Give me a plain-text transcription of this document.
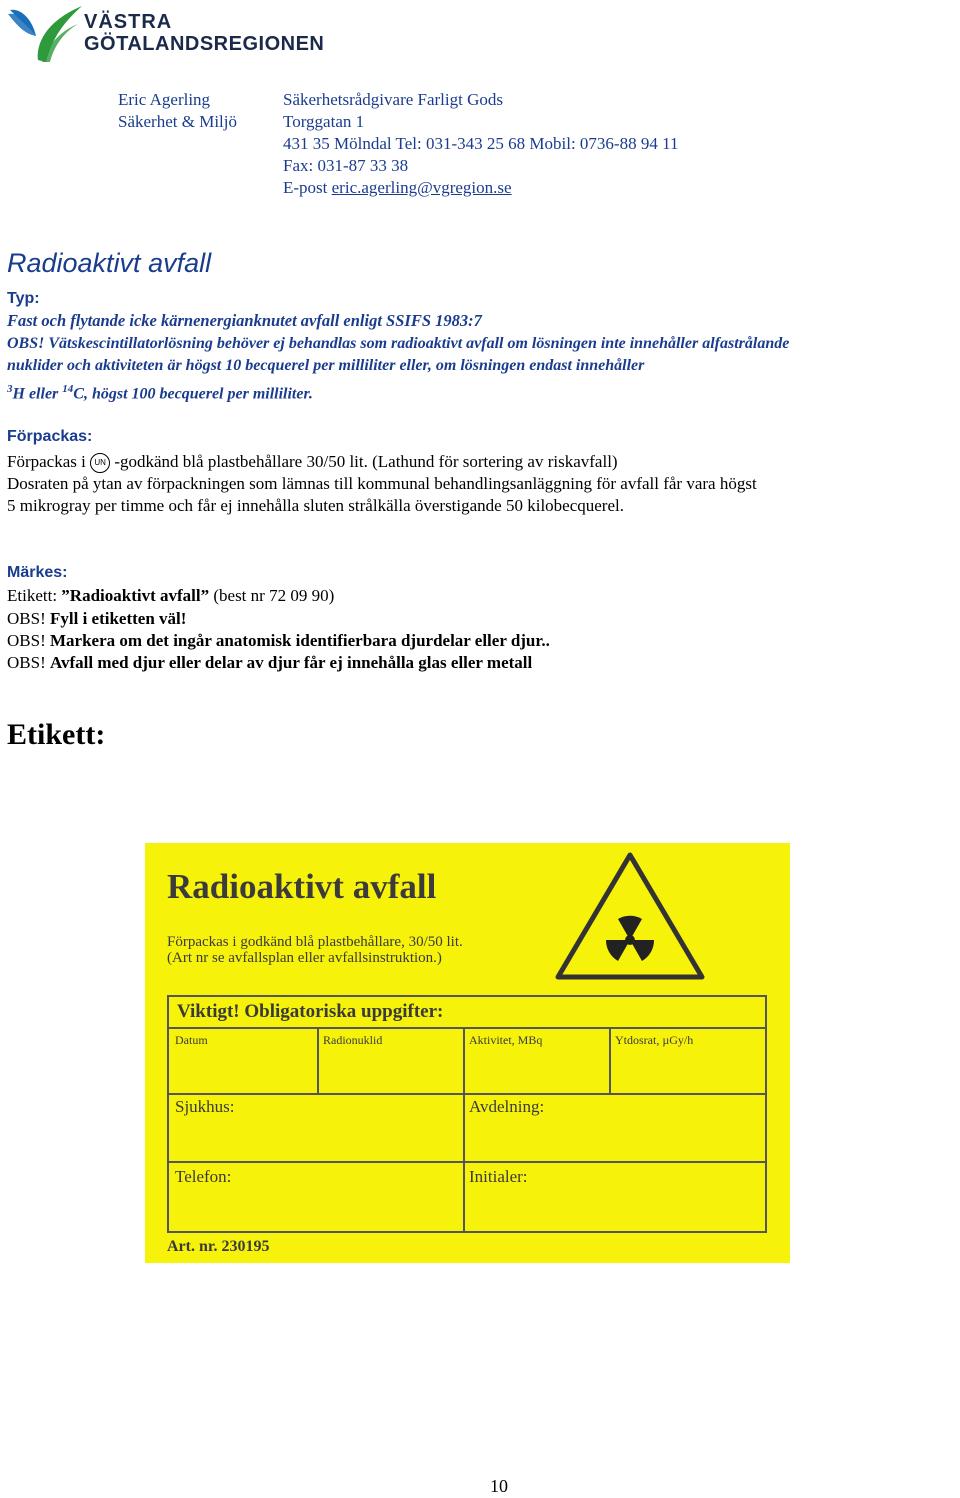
VÄSTRA
GÖTALANDSREGIONEN
Eric Agerling
Säkerhet & Miljö
Säkerhetsrådgivare Farligt Gods
Torggatan 1
431 35 Mölndal Tel: 031-343 25 68 Mobil: 0736-88 94 11
Fax: 031-87 33 38
E-post eric.agerling@vgregion.se
Radioaktivt avfall
Typ:
Fast och flytande icke kärnenergianknutet avfall enligt SSIFS 1983:7
OBS! Vätskescintillatorlösning behöver ej behandlas som radioaktivt avfall om lösningen inte innehåller alfastrålande
nuklider och aktiviteten är högst 10 becquerel per milliliter eller, om lösningen endast innehåller
$^3$H eller $^{14}$C, högst 100 becquerel per milliliter.
Förpackas:
Förpackas i UN -godkänd blå plastbehållare 30/50 lit. (Lathund för sortering av riskavfall)
Dosraten på ytan av förpackningen som lämnas till kommunal behandlingsanläggning för avfall får vara högst
5 mikrogray per timme och får ej innehålla sluten strålkälla överstigande 50 kilobecquerel.
Märkes:
Etikett: ”Radioaktivt avfall” (best nr 72 09 90)
OBS! Fyll i etiketten väl!
OBS! Markera om det ingår anatomisk identifierbara djurdelar eller djur..
OBS! Avfall med djur eller delar av djur får ej innehålla glas eller metall
Etikett:
Radioaktivt avfall
Förpackas i godkänd blå plastbehållare, 30/50 lit.
(Art nr se avfallsplan eller avfallsinstruktion.)
Viktigt! Obligatoriska uppgifter:
Datum	Radionuklid	Aktivitet, MBq	Ytdosrat, µGy/h
Sjukhus:	Avdelning:
Telefon:	Initialer:
Art. nr. 230195
10
